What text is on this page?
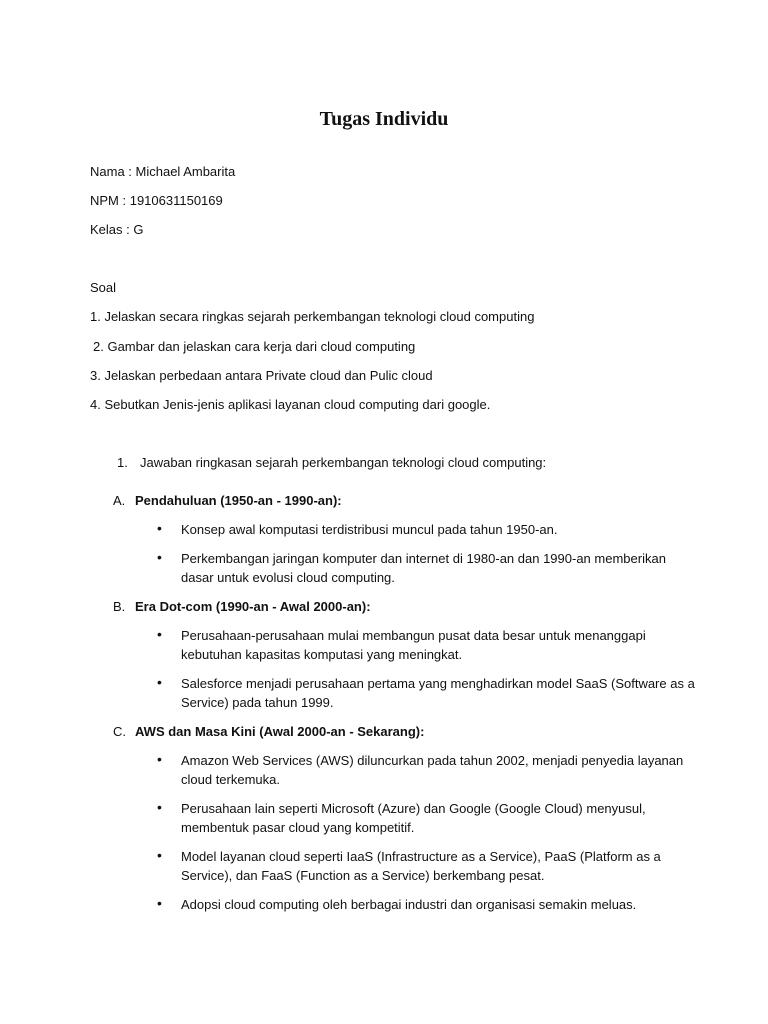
Tugas Individu
Nama : Michael Ambarita
NPM : 1910631150169
Kelas : G
Soal
1. Jelaskan secara ringkas sejarah perkembangan teknologi cloud computing
2. Gambar dan jelaskan cara kerja dari cloud computing
3. Jelaskan perbedaan antara Private cloud dan Pulic cloud
4. Sebutkan Jenis-jenis aplikasi layanan cloud computing dari google.
1. Jawaban ringkasan sejarah perkembangan teknologi cloud computing:
A. Pendahuluan (1950-an - 1990-an):
• Konsep awal komputasi terdistribusi muncul pada tahun 1950-an.
• Perkembangan jaringan komputer dan internet di 1980-an dan 1990-an memberikan
dasar untuk evolusi cloud computing.
B. Era Dot-com (1990-an - Awal 2000-an):
• Perusahaan-perusahaan mulai membangun pusat data besar untuk menanggapi
kebutuhan kapasitas komputasi yang meningkat.
• Salesforce menjadi perusahaan pertama yang menghadirkan model SaaS (Software as a
Service) pada tahun 1999.
C. AWS dan Masa Kini (Awal 2000-an - Sekarang):
• Amazon Web Services (AWS) diluncurkan pada tahun 2002, menjadi penyedia layanan
cloud terkemuka.
• Perusahaan lain seperti Microsoft (Azure) dan Google (Google Cloud) menyusul,
membentuk pasar cloud yang kompetitif.
• Model layanan cloud seperti IaaS (Infrastructure as a Service), PaaS (Platform as a
Service), dan FaaS (Function as a Service) berkembang pesat.
• Adopsi cloud computing oleh berbagai industri dan organisasi semakin meluas.
